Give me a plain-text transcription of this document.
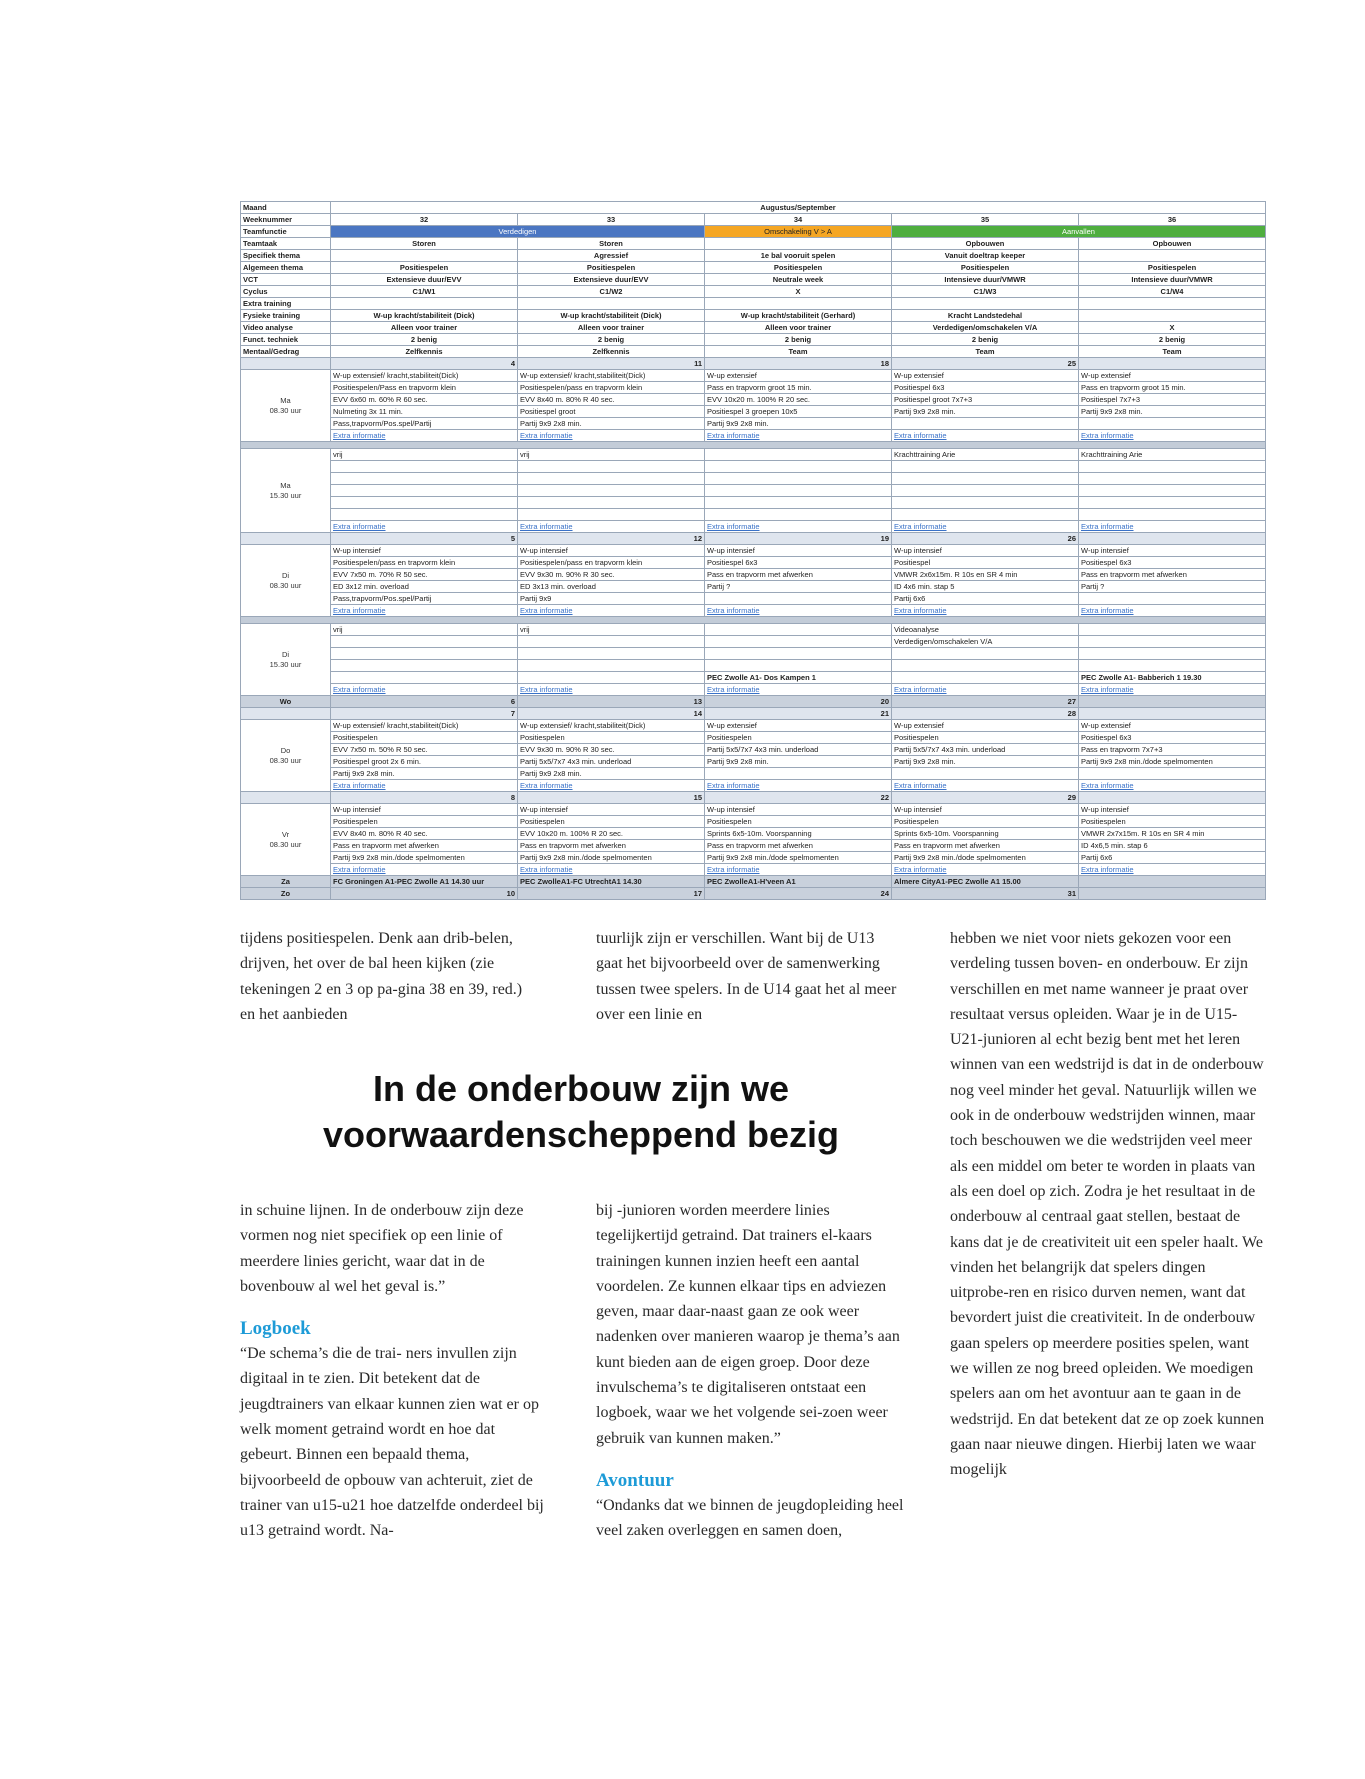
Maand	Augustus/September				
Weeknummer	32	33	34	35	36
Teamfunctie	Verdedigen		Omschakeling V > A	Aanvallen	
Teamtaak	Storen	Storen		Opbouwen	Opbouwen
Specifiek thema		Agressief	1e bal vooruit spelen	Vanuit doeltrap keeper	
Algemeen thema	Positiespelen	Positiespelen	Positiespelen	Positiespelen	Positiespelen
VCT	Extensieve duur/EVV	Extensieve duur/EVV	Neutrale week	Intensieve duur/VMWR	Intensieve duur/VMWR
Cyclus	C1/W1	C1/W2	X	C1/W3	C1/W4
Extra training					
Fysieke training	W-up kracht/stabiliteit (Dick)	W-up kracht/stabiliteit (Dick)	W-up kracht/stabiliteit (Gerhard)	Kracht Landstedehal	
Video analyse	Alleen voor trainer	Alleen voor trainer	Alleen voor trainer	Verdedigen/omschakelen V/A	X
Funct. techniek	2 benig	2 benig	2 benig	2 benig	2 benig
Mentaal/Gedrag	Zelfkennis	Zelfkennis	Team	Team	Team
	4	11	18	25	

Ma
08.30 uur	W-up extensief/ kracht,stabiliteit(Dick)	W-up extensief/ kracht,stabiliteit(Dick)	W-up extensief	W-up extensief	W-up extensief
	Positiespelen/Pass en trapvorm klein	Positiespelen/pass en trapvorm klein	Pass en trapvorm groot 15 min.	Positiespel 6x3	Pass en trapvorm groot 15 min.
	EVV 6x60 m. 60% R 60 sec.	EVV 8x40 m. 80% R 40 sec.	EVV 10x20 m. 100% R 20 sec.	Positiespel groot 7x7+3	Positiespel 7x7+3
	Nulmeting 3x 11 min.	Positiespel groot	Positiespel 3 groepen 10x5	Partij 9x9 2x8 min.	Partij 9x9 2x8 min.
	Pass,trapvorm/Pos.spel/Partij	Partij 9x9 2x8 min.	Partij 9x9 2x8 min.		
	Extra informatie	Extra informatie	Extra informatie	Extra informatie	Extra informatie

Ma
15.30 uur	vrij	vrij		Krachttraining Arie	Krachttraining Arie

	Extra informatie	Extra informatie	Extra informatie	Extra informatie	Extra informatie
	5	12	19	26	

Di
08.30 uur	W-up intensief	W-up intensief	W-up intensief	W-up intensief	W-up intensief
	Positiespelen/pass en trapvorm klein	Positiespelen/pass en trapvorm klein	Positiespel 6x3	Positiespel	Positiespel 6x3
	EVV 7x50 m. 70% R 50 sec.	EVV 9x30 m. 90% R 30 sec.	Pass en trapvorm met afwerken	VMWR 2x6x15m. R 10s en SR 4 min	Pass en trapvorm met afwerken
	ED 3x12 min. overload	ED 3x13 min. overload	Partij ?	ID 4x6 min. stap 5	Partij ?
	Pass,trapvorm/Pos.spel/Partij	Partij 9x9		Partij 6x6	
	Extra informatie	Extra informatie	Extra informatie	Extra informatie	Extra informatie

Di
15.30 uur	vrij	vrij		Videoanalyse	
				Verdedigen/omschakelen V/A	

			PEC Zwolle A1- Dos Kampen 1		PEC Zwolle A1- Babberich 1 19.30
	Extra informatie	Extra informatie	Extra informatie	Extra informatie	Extra informatie
Wo	6	13	20	27	
	7	14	21	28	

Do
08.30 uur	W-up extensief/ kracht,stabiliteit(Dick)	W-up extensief/ kracht,stabiliteit(Dick)	W-up extensief	W-up extensief	W-up extensief
	Positiespelen	Positiespelen	Positiespelen	Positiespelen	Positiespel 6x3
	EVV 7x50 m. 50% R 50 sec.	EVV 9x30 m. 90% R 30 sec.	Partij 5x5/7x7 4x3 min. underload	Partij 5x5/7x7 4x3 min. underload	Pass en trapvorm 7x7+3
	Positiespel groot 2x 6 min.	Partij 5x5/7x7 4x3 min. underload	Partij 9x9 2x8 min.	Partij 9x9 2x8 min.	Partij 9x9 2x8 min./dode spelmomenten
	Partij 9x9 2x8 min.	Partij 9x9 2x8 min.			
	Extra informatie	Extra informatie	Extra informatie	Extra informatie	Extra informatie
	8	15	22	29	

Vr
08.30 uur	W-up intensief	W-up intensief	W-up intensief	W-up intensief	W-up intensief
	Positiespelen	Positiespelen	Positiespelen	Positiespelen	Positiespelen
	EVV 8x40 m. 80% R 40 sec.	EVV 10x20 m. 100% R 20 sec.	Sprints 6x5-10m. Voorspanning	Sprints 6x5-10m. Voorspanning	VMWR 2x7x15m. R 10s en SR 4 min
	Pass en trapvorm met afwerken	Pass en trapvorm met afwerken	Pass en trapvorm met afwerken	Pass en trapvorm met afwerken	ID 4x6,5 min. stap 6
	Partij 9x9 2x8 min./dode spelmomenten	Partij 9x9 2x8 min./dode spelmomenten	Partij 9x9 2x8 min./dode spelmomenten	Partij 9x9 2x8 min./dode spelmomenten	Partij 6x6
	Extra informatie	Extra informatie	Extra informatie	Extra informatie	Extra informatie
Za	FC Groningen A1-PEC Zwolle A1 14.30 uur	PEC ZwolleA1-FC UtrechtA1 14.30	PEC ZwolleA1-H'veen A1	Almere CityA1-PEC Zwolle A1 15.00	
Zo	10	17	24	31	

tijdens positiespelen. Denk aan drib-belen, drijven, het over de bal heen kijken (zie tekeningen 2 en 3 op pa-gina 38 en 39, red.) en het aanbieden

tuurlijk zijn er verschillen. Want bij de U13 gaat het bijvoorbeeld over de samenwerking tussen twee spelers. In de U14 gaat het al meer over een linie en

In de onderbouw zijn we voorwaardenscheppend bezig

in schuine lijnen. In de onderbouw zijn deze vormen nog niet specifiek op een linie of meerdere linies gericht, waar dat in de bovenbouw al wel het geval is.”

Logboek

“De schema’s die de trai- ners invullen zijn digitaal in te zien. Dit betekent dat de jeugdtrainers van elkaar kunnen zien wat er op welk moment getraind wordt en hoe dat gebeurt. Binnen een bepaald thema, bijvoorbeeld de opbouw van achteruit, ziet de trainer van u15-u21 hoe datzelfde onderdeel bij u13 getraind wordt. Na-

bij -junioren worden meerdere linies tegelijkertijd getraind. Dat trainers el-kaars trainingen kunnen inzien heeft een aantal voordelen. Ze kunnen elkaar tips en adviezen geven, maar daar-naast gaan ze ook weer nadenken over manieren waarop je thema’s aan kunt bieden aan de eigen groep. Door deze invulschema’s te digitaliseren ontstaat een logboek, waar we het volgende sei-zoen weer gebruik van kunnen maken.”

Avontuur

“Ondanks dat we binnen de jeugdopleiding heel veel zaken overleggen en samen doen,

hebben we niet voor niets gekozen voor een verdeling tussen boven- en onderbouw. Er zijn verschillen en met name wanneer je praat over resultaat versus opleiden. Waar je in de U15-U21-junioren al echt bezig bent met het leren winnen van een wedstrijd is dat in de onderbouw nog veel minder het geval. Natuurlijk willen we ook in de onderbouw wedstrijden winnen, maar toch beschouwen we die wedstrijden veel meer als een middel om beter te worden in plaats van als een doel op zich. Zodra je het resultaat in de onderbouw al centraal gaat stellen, bestaat de kans dat je de creativiteit uit een speler haalt. We vinden het belangrijk dat spelers dingen uitprobe-ren en risico durven nemen, want dat bevordert juist die creativiteit. In de onderbouw gaan spelers op meerdere posities spelen, want we willen ze nog breed opleiden. We moedigen spelers aan om het avontuur aan te gaan in de wedstrijd. En dat betekent dat ze op zoek kunnen gaan naar nieuwe dingen. Hierbij laten we waar mogelijk
